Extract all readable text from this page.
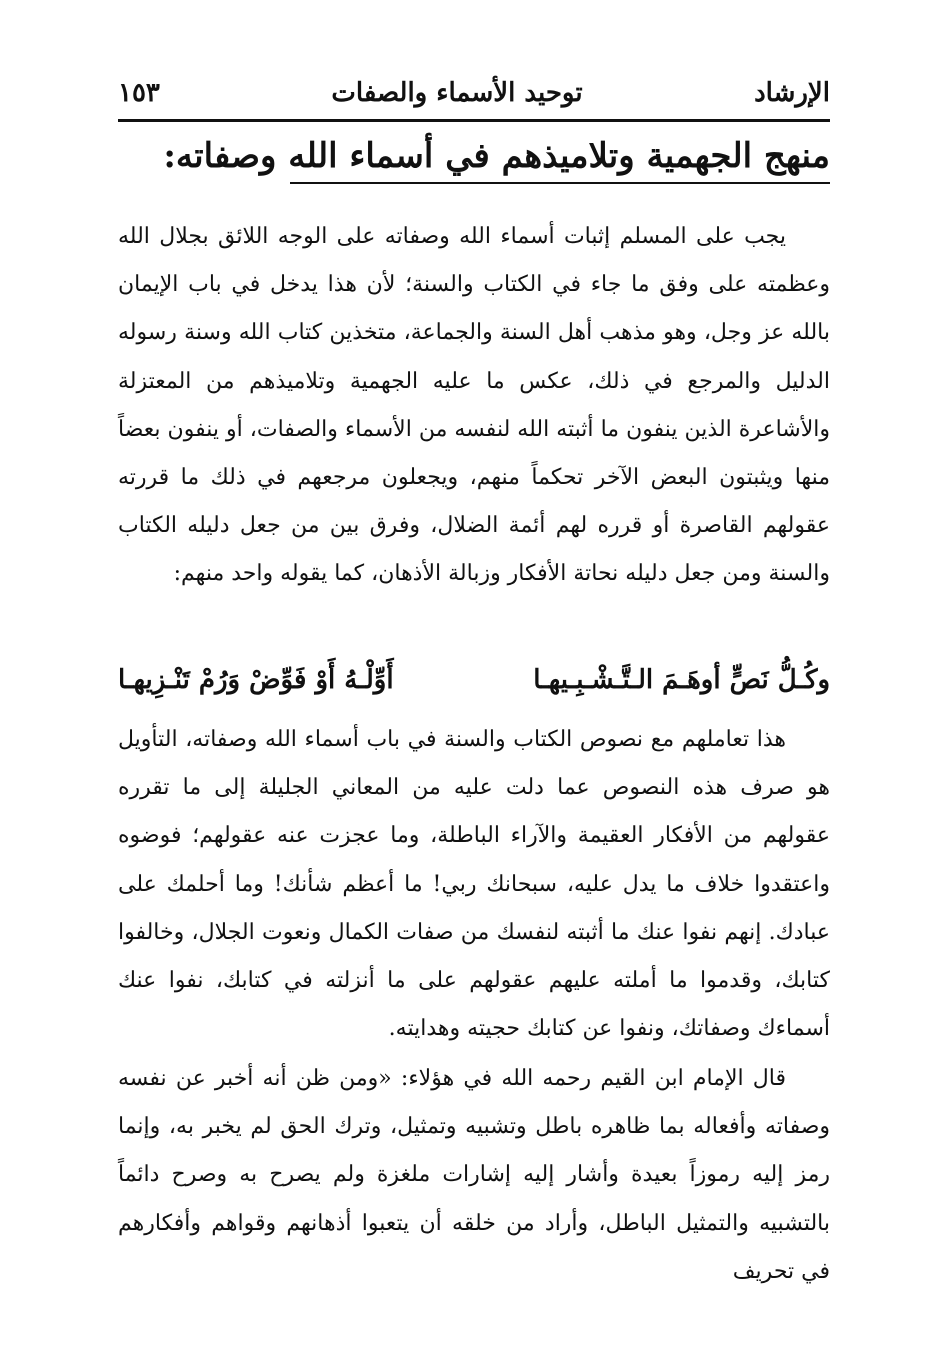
الإرشاد
توحيد الأسماء والصفات
١٥٣
منهج الجهمية وتلاميذهم في أسماء الله وصفاته:

يجب على المسلم إثبات أسماء الله وصفاته على الوجه اللائق بجلال الله وعظمته على وفق ما جاء في الكتاب والسنة؛ لأن هذا يدخل في باب الإيمان بالله عز وجل، وهو مذهب أهل السنة والجماعة، متخذين كتاب الله وسنة رسوله الدليل والمرجع في ذلك، عكس ما عليه الجهمية وتلاميذهم من المعتزلة والأشاعرة الذين ينفون ما أثبته الله لنفسه من الأسماء والصفات، أو ينفون بعضاً منها ويثبتون البعض الآخر تحكماً منهم، ويجعلون مرجعهم في ذلك ما قررته عقولهم القاصرة أو قرره لهم أئمة الضلال، وفرق بين من جعل دليله الكتاب والسنة ومن جعل دليله نحاتة الأفكار وزبالة الأذهان، كما يقوله واحد منهم:

وكُـلُّ نَصٍّ أوهَـمَ الـتَّـشْـبِـيهـا
أَوِّلْـهُ أَوْ فَوِّضْ وَرُمْ تَنْـزِيهـا

هذا تعاملهم مع نصوص الكتاب والسنة في باب أسماء الله وصفاته، التأويل هو صرف هذه النصوص عما دلت عليه من المعاني الجليلة إلى ما تقرره عقولهم من الأفكار العقيمة والآراء الباطلة، وما عجزت عنه عقولهم؛ فوضوه واعتقدوا خلاف ما يدل عليه، سبحانك ربي! ما أعظم شأنك! وما أحلمك على عبادك. إنهم نفوا عنك ما أثبته لنفسك من صفات الكمال ونعوت الجلال، وخالفوا كتابك، وقدموا ما أملته عليهم عقولهم على ما أنزلته في كتابك، نفوا عنك أسماءك وصفاتك، ونفوا عن كتابك حجيته وهدايته.

قال الإمام ابن القيم رحمه الله في هؤلاء: «ومن ظن أنه أخبر عن نفسه وصفاته وأفعاله بما ظاهره باطل وتشبيه وتمثيل، وترك الحق لم يخبر به، وإنما رمز إليه رموزاً بعيدة وأشار إليه إشارات ملغزة ولم يصرح به وصرح دائماً بالتشبيه والتمثيل الباطل، وأراد من خلقه أن يتعبوا أذهانهم وقواهم وأفكارهم في تحريف
